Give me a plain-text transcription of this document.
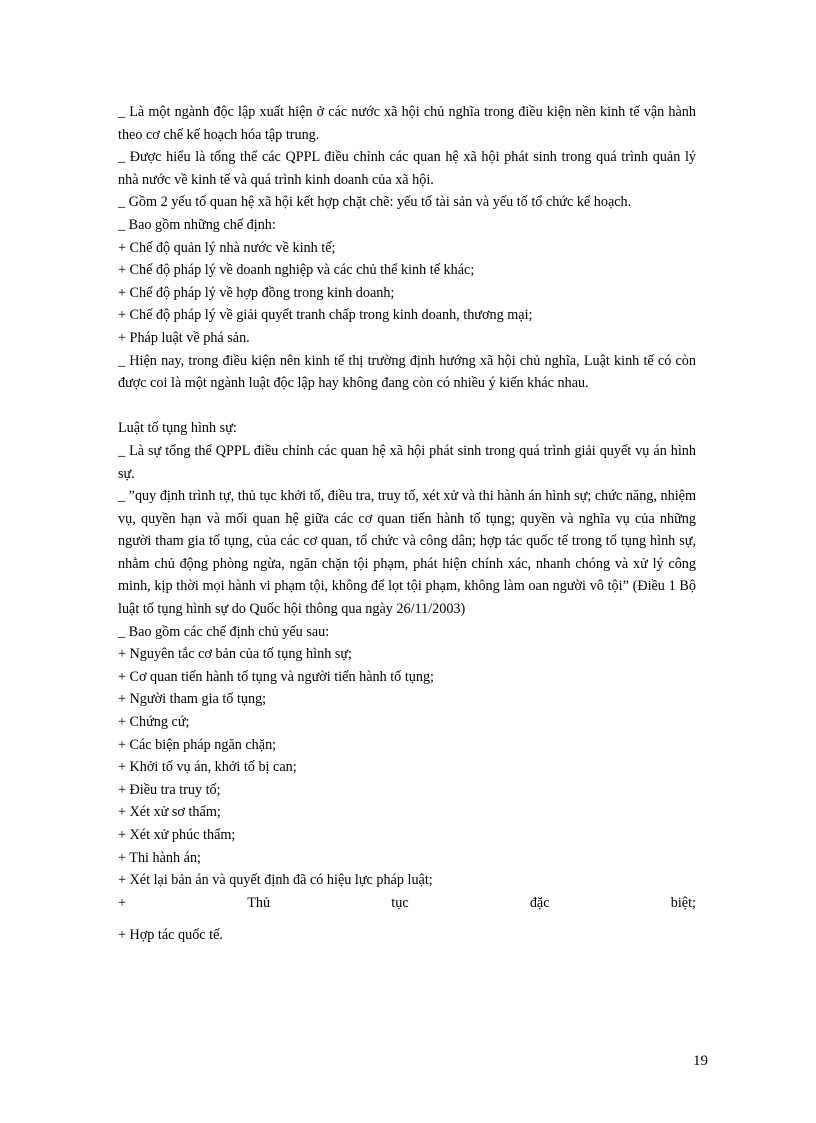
_ Là một ngành độc lập xuất hiện ở các nước xã hội chủ nghĩa trong điều kiện nền kinh tế vận hành theo cơ chế kế hoạch hóa tập trung.

_ Được hiểu là tổng thể các QPPL điều chỉnh các quan hệ xã hội phát sinh trong quá trình quản lý nhà nước về kinh tế và quá trình kinh doanh của xã hội.

_ Gồm 2 yếu tố quan hệ xã hội kết hợp chặt chẽ: yếu tố tài sản và yếu tố tổ chức kế hoạch.

_ Bao gồm những chế định:
+ Chế độ quản lý nhà nước về kinh tế;
+ Chế độ pháp lý về doanh nghiệp và các chủ thể kinh tế khác;
+ Chế độ pháp lý về hợp đồng trong kinh doanh;
+ Chế độ pháp lý về giải quyết tranh chấp trong kinh doanh, thương mại;
+ Pháp luật về phá sản.

_ Hiện nay, trong điều kiện nên kinh tế thị trường định hướng xã hội chủ nghĩa, Luật kinh tế có còn được coi là một ngành luật độc lập hay không đang còn có nhiều ý kiến khác nhau.

Luật tố tụng hình sự:

_ Là sự tổng thể QPPL điều chỉnh các quan hệ xã hội phát sinh trong quá trình giải quyết vụ án hình sự.

_ ”quy định trình tự, thủ tục khởi tố, điều tra, truy tố, xét xử và thi hành án hình sự; chức năng, nhiệm vụ, quyền hạn và mối quan hệ giữa các cơ quan tiến hành tố tụng; quyền và nghĩa vụ của những người tham gia tố tụng, của các cơ quan, tổ chức và công dân; hợp tác quốc tế trong tố tụng hình sự, nhằm chủ động phòng ngừa, ngăn chặn tội phạm, phát hiện chính xác, nhanh chóng và xử lý công minh, kịp thời mọi hành vi phạm tội, không để lọt tội phạm, không làm oan người vô tội” (Điều 1 Bộ luật tố tụng hình sự do Quốc hội thông qua ngày 26/11/2003)

_ Bao gồm các chế định chủ yếu sau:
+ Nguyên tắc cơ bản của tố tụng hình sự;
+ Cơ quan tiến hành tố tụng và người tiến hành tố tụng;
+ Người tham gia tố tụng;
+ Chứng cứ;
+ Các biện pháp ngăn chặn;
+ Khởi tố vụ án, khởi tố bị can;
+ Điều tra truy tố;
+ Xét xử sơ thẩm;
+ Xét xử phúc thẩm;
+ Thi hành án;
+ Xét lại bản án và quyết định đã có hiệu lực pháp luật;
+	Thủ	tục	đặc	biệt;
+ Hợp tác quốc tế.
19
